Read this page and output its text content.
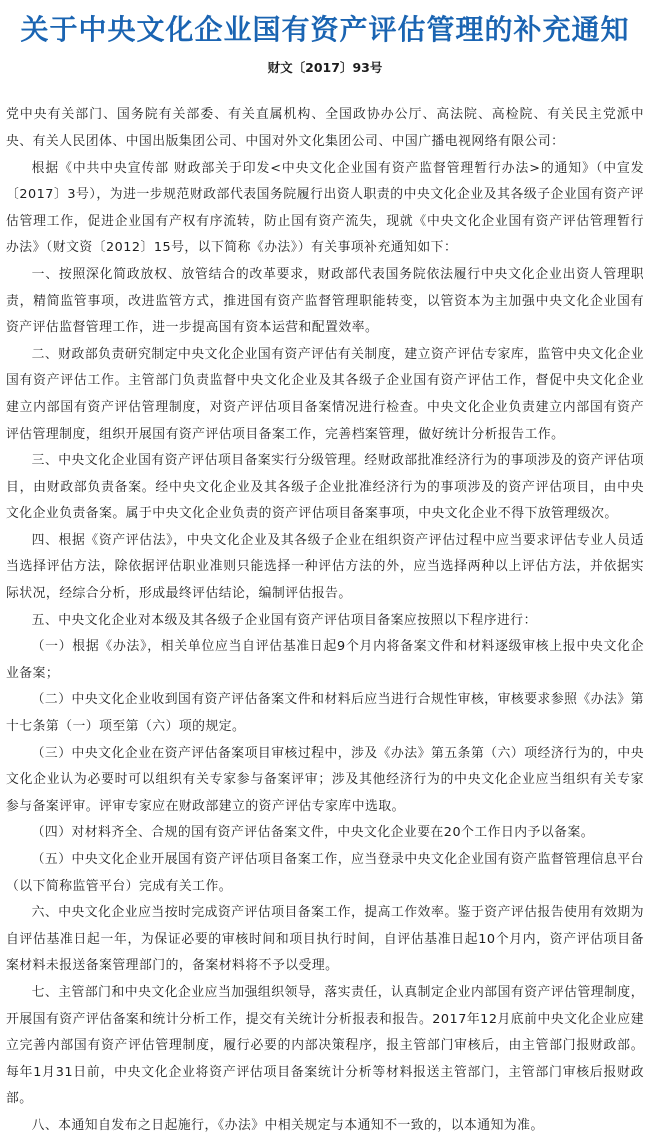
关于中央文化企业国有资产评估管理的补充通知
财文〔2017〕93号

党中央有关部门、国务院有关部委、有关直属机构、全国政协办公厅、高法院、高检院、有关民主党派中央、有关人民团体、中国出版集团公司、中国对外文化集团公司、中国广播电视网络有限公司：

根据《中共中央宣传部 财政部关于印发<中央文化企业国有资产监督管理暂行办法>的通知》（中宣发〔2017〕3号），为进一步规范财政部代表国务院履行出资人职责的中央文化企业及其各级子企业国有资产评估管理工作，促进企业国有产权有序流转，防止国有资产流失，现就《中央文化企业国有资产评估管理暂行办法》（财文资〔2012〕15号，以下简称《办法》）有关事项补充通知如下：

一、按照深化简政放权、放管结合的改革要求，财政部代表国务院依法履行中央文化企业出资人管理职责，精简监管事项，改进监管方式，推进国有资产监督管理职能转变，以管资本为主加强中央文化企业国有资产评估监督管理工作，进一步提高国有资本运营和配置效率。

二、财政部负责研究制定中央文化企业国有资产评估有关制度，建立资产评估专家库，监管中央文化企业国有资产评估工作。主管部门负责监督中央文化企业及其各级子企业国有资产评估工作，督促中央文化企业建立内部国有资产评估管理制度，对资产评估项目备案情况进行检查。中央文化企业负责建立内部国有资产评估管理制度，组织开展国有资产评估项目备案工作，完善档案管理，做好统计分析报告工作。

三、中央文化企业国有资产评估项目备案实行分级管理。经财政部批准经济行为的事项涉及的资产评估项目，由财政部负责备案。经中央文化企业及其各级子企业批准经济行为的事项涉及的资产评估项目，由中央文化企业负责备案。属于中央文化企业负责的资产评估项目备案事项，中央文化企业不得下放管理级次。

四、根据《资产评估法》，中央文化企业及其各级子企业在组织资产评估过程中应当要求评估专业人员适当选择评估方法，除依据评估职业准则只能选择一种评估方法的外，应当选择两种以上评估方法，并依据实际状况，经综合分析，形成最终评估结论，编制评估报告。

五、中央文化企业对本级及其各级子企业国有资产评估项目备案应按照以下程序进行：

（一）根据《办法》，相关单位应当自评估基准日起9个月内将备案文件和材料逐级审核上报中央文化企业备案；

（二）中央文化企业收到国有资产评估备案文件和材料后应当进行合规性审核，审核要求参照《办法》第十七条第（一）项至第（六）项的规定。

（三）中央文化企业在资产评估备案项目审核过程中，涉及《办法》第五条第（六）项经济行为的，中央文化企业认为必要时可以组织有关专家参与备案评审；涉及其他经济行为的中央文化企业应当组织有关专家参与备案评审。评审专家应在财政部建立的资产评估专家库中选取。

（四）对材料齐全、合规的国有资产评估备案文件，中央文化企业要在20个工作日内予以备案。

（五）中央文化企业开展国有资产评估项目备案工作，应当登录中央文化企业国有资产监督管理信息平台（以下简称监管平台）完成有关工作。

六、中央文化企业应当按时完成资产评估项目备案工作，提高工作效率。鉴于资产评估报告使用有效期为自评估基准日起一年，为保证必要的审核时间和项目执行时间，自评估基准日起10个月内，资产评估项目备案材料未报送备案管理部门的，备案材料将不予以受理。

七、主管部门和中央文化企业应当加强组织领导，落实责任，认真制定企业内部国有资产评估管理制度，开展国有资产评估备案和统计分析工作，提交有关统计分析报表和报告。2017年12月底前中央文化企业应建立完善内部国有资产评估管理制度，履行必要的内部决策程序，报主管部门审核后，由主管部门报财政部。每年1月31日前，中央文化企业将资产评估项目备案统计分析等材料报送主管部门，主管部门审核后报财政部。

八、本通知自发布之日起施行，《办法》中相关规定与本通知不一致的，以本通知为准。
